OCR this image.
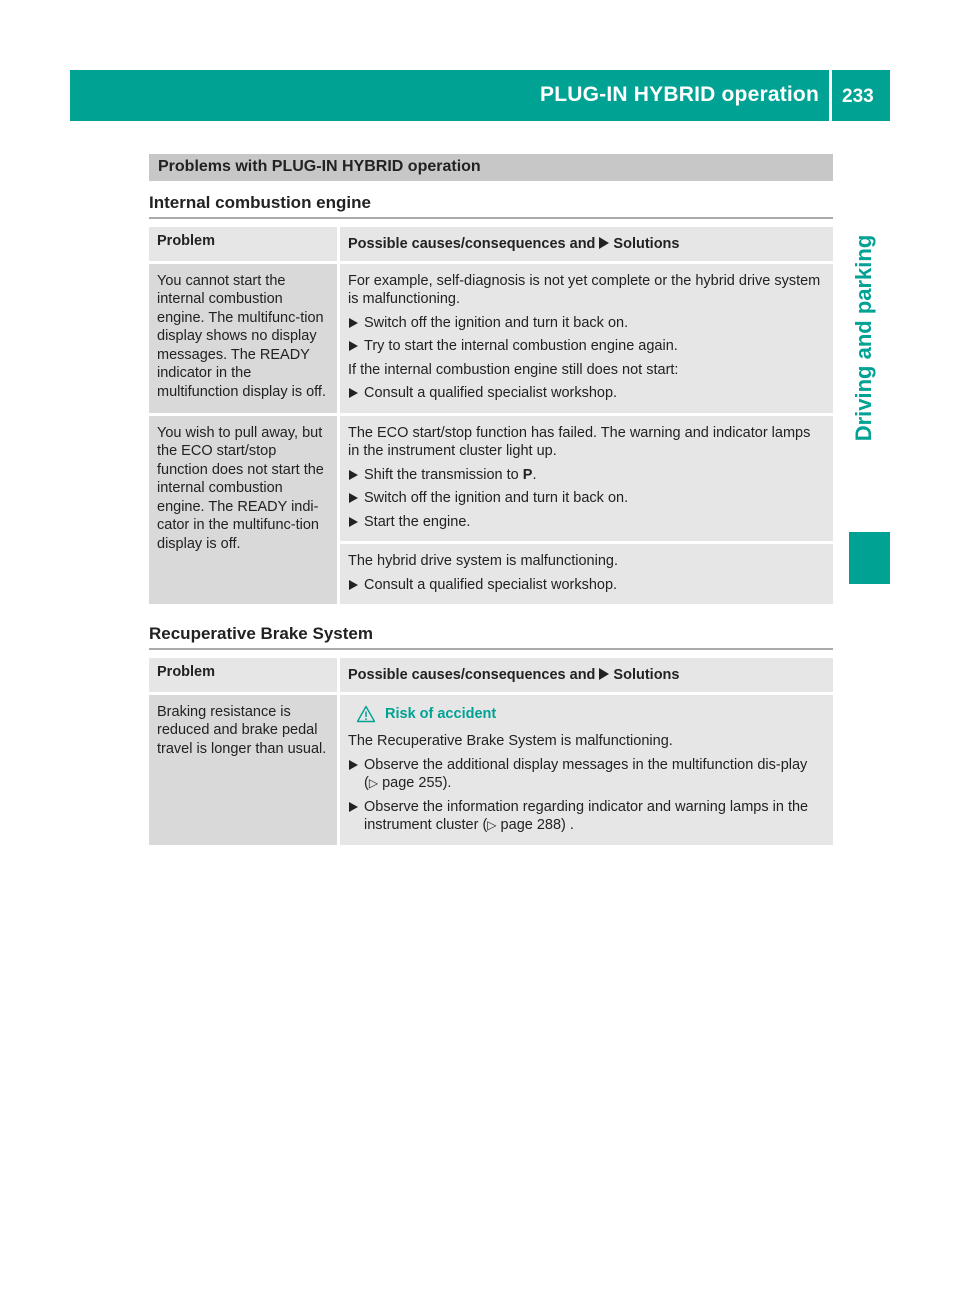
PLUG-IN HYBRID operation 233
Driving and parking
Problems with PLUG-IN HYBRID operation
Internal combustion engine
Problem	Possible causes/consequences and Solutions
You cannot start the internal combustion engine. The multifunc-tion display shows no display messages. The READY indicator in the multifunction display is off.	For example, self-diagnosis is not yet complete or the hybrid drive system is malfunctioning.

Switch off the ignition and turn it back on.
Try to start the internal combustion engine again.

If the internal combustion engine still does not start:

Consult a qualified specialist workshop.

You wish to pull away, but the ECO start/stop function does not start the internal combustion engine. The READY indi-cator in the multifunc-tion display is off.	The ECO start/stop function has failed. The warning and indicator lamps in the instrument cluster light up.

Shift the transmission to P.
Switch off the ignition and turn it back on.
Start the engine.

	The hybrid drive system is malfunctioning.

Consult a qualified specialist workshop.
Recuperative Brake System
Problem	Possible causes/consequences and Solutions
Braking resistance is reduced and brake pedal travel is longer than usual.	Risk of accident

The Recuperative Brake System is malfunctioning.

Observe the additional display messages in the multifunction dis-play (▷ page 255).
Observe the information regarding indicator and warning lamps in the instrument cluster (▷ page 288) .
